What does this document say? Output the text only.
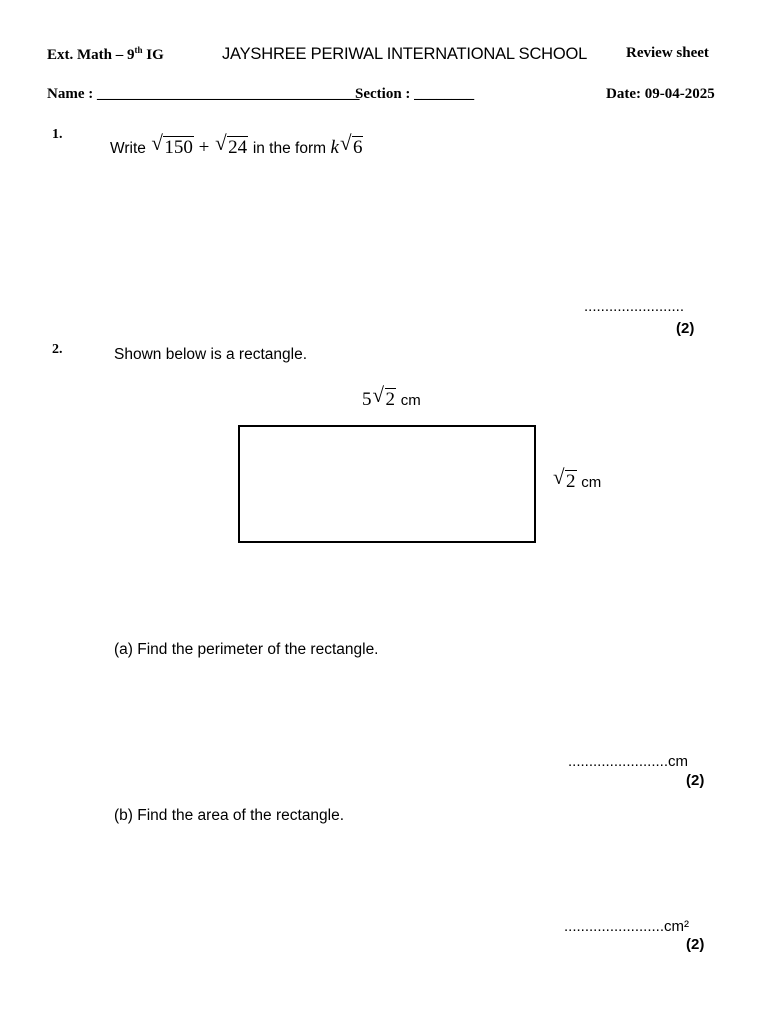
Ext. Math – 9th IG	JAYSHREE PERIWAL INTERNATIONAL SCHOOL	Review sheet
Name : ___________________________________
Section : ________	Date: 09-04-2025
1.
Write √ 150 + √ 24 in the form k √ 6
........................
(2)
2.	Shown below is a rectangle.
5 √ 2 cm
√ 2 cm
(a) Find the perimeter of the rectangle.
........................cm
(2)
(b) Find the area of the rectangle.
........................cm²
(2)
